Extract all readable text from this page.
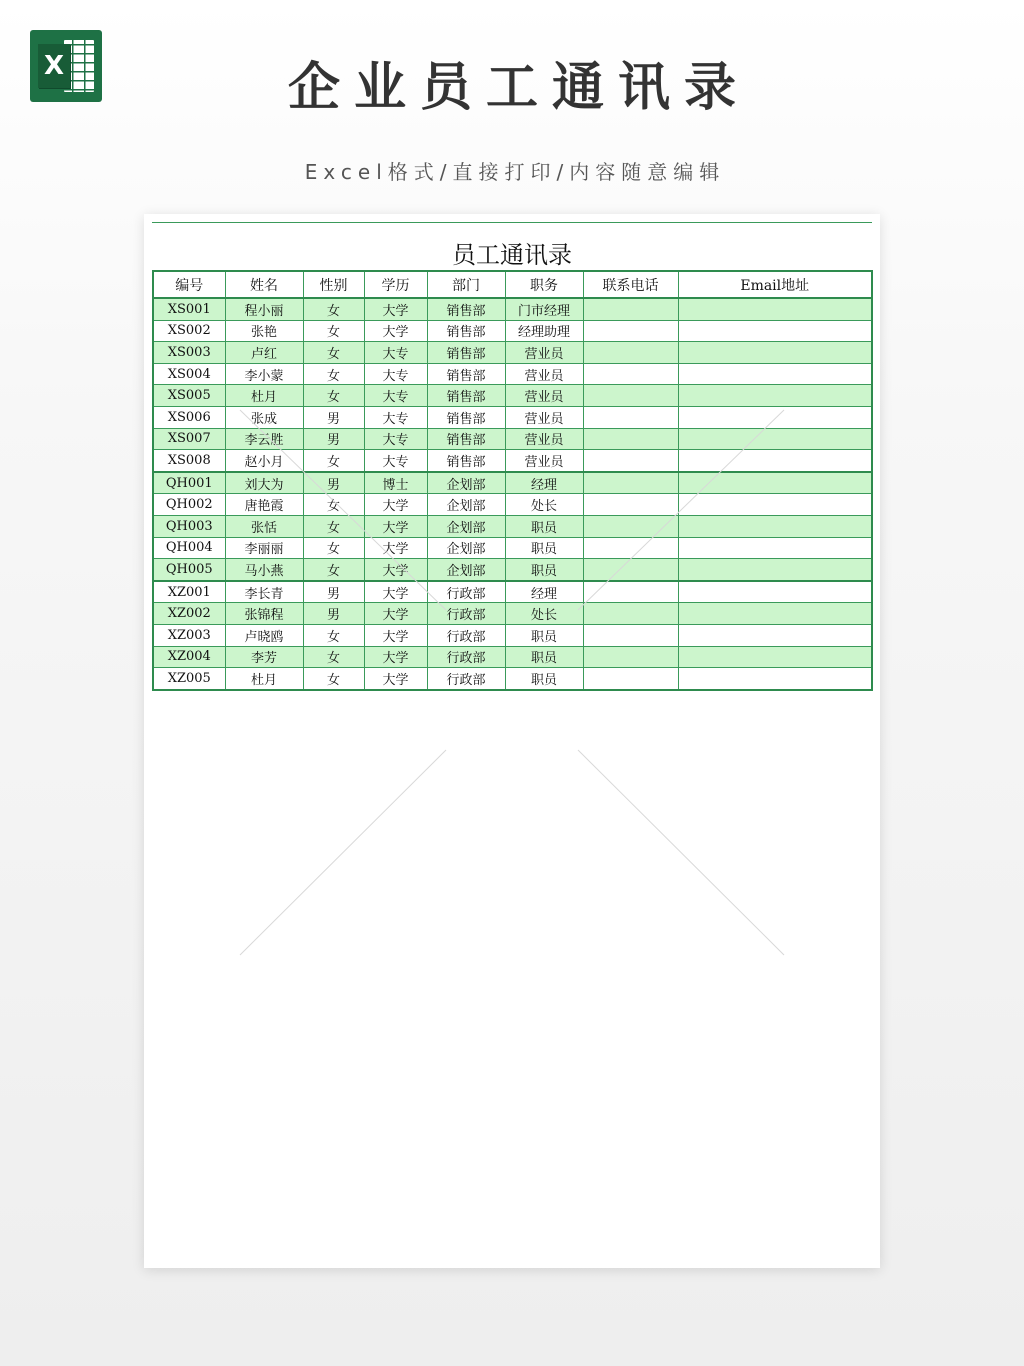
X	企业员工通讯录
Excel格式/直接打印/内容随意编辑
员工通讯录
编号	姓名	性别	学历	部门	职务	联系电话	Email地址
XS001	程小丽	女	大学	销售部	门市经理		
XS002	张艳	女	大学	销售部	经理助理		
XS003	卢红	女	大专	销售部	营业员		
XS004	李小蒙	女	大专	销售部	营业员		
XS005	杜月	女	大专	销售部	营业员		
XS006	张成	男	大专	销售部	营业员		
XS007	李云胜	男	大专	销售部	营业员		
XS008	赵小月	女	大专	销售部	营业员		
QH001	刘大为	男	博士	企划部	经理		
QH002	唐艳霞	女	大学	企划部	处长		
QH003	张恬	女	大学	企划部	职员		
QH004	李丽丽	女	大学	企划部	职员		
QH005	马小燕	女	大学	企划部	职员		
XZ001	李长青	男	大学	行政部	经理		
XZ002	张锦程	男	大学	行政部	处长		
XZ003	卢晓鸥	女	大学	行政部	职员		
XZ004	李芳	女	大学	行政部	职员		
XZ005	杜月	女	大学	行政部	职员		
